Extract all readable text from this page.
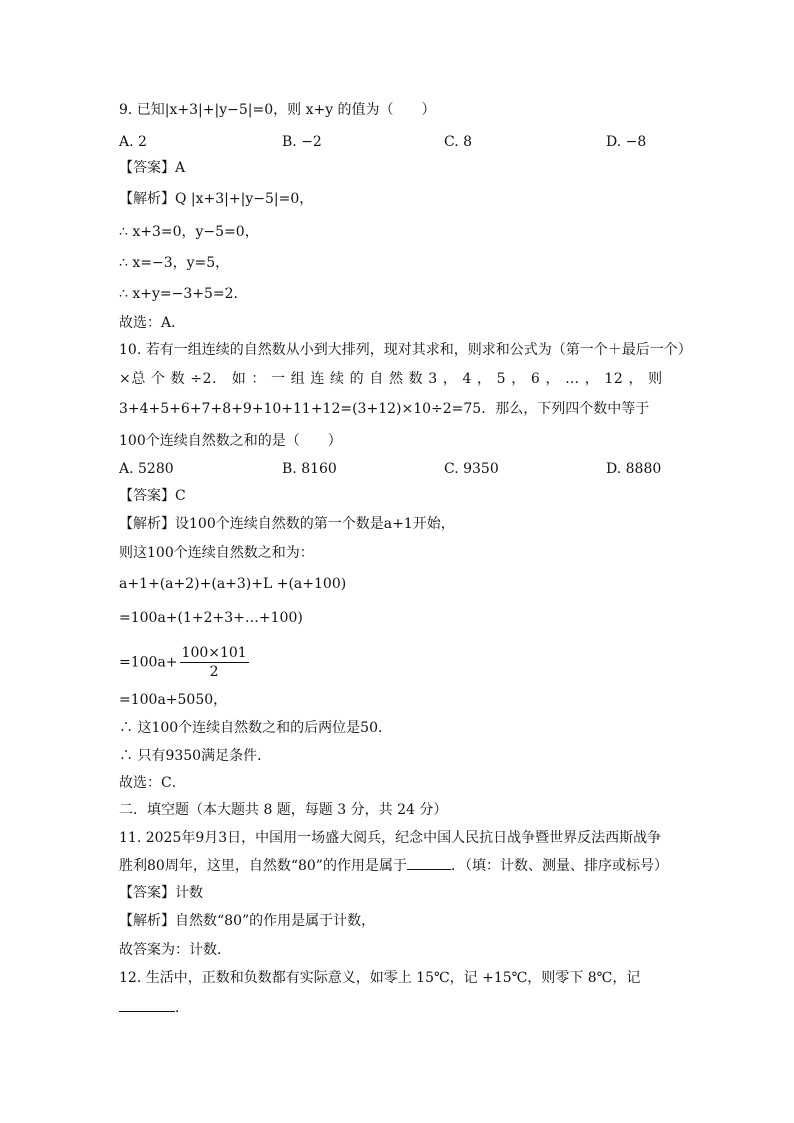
9. 已知|x+3|+|y−5|=0，则 x+y 的值为（　　）
A. 2	B. −2	C. 8	D. −8
【答案】A
【解析】Q |x+3|+|y−5|=0，
∴ x+3=0，y−5=0，
∴ x=−3，y=5，
∴ x+y=−3+5=2．
故选：A．
10. 若有一组连续的自然数从小到大排列，现对其求和，则求和公式为（第一个＋最后一个）
×总 个 数 ÷2． 如 ： 一 组 连 续 的 自 然 数 3 ， 4 ， 5 ， 6 ， … ， 12 ， 则
3+4+5+6+7+8+9+10+11+12=(3+12)×10÷2=75．那么，下列四个数中等于
100个连续自然数之和的是（　　）
A. 5280	B. 8160	C. 9350	D. 8880
【答案】C
【解析】设100个连续自然数的第一个数是a+1开始，
则这100个连续自然数之和为：
a+1+(a+2)+(a+3)+L +(a+100)
=100a+(1+2+3+…+100)
$=100a+ \frac{100\times 101}{2}$
=100a+5050，
∴ 这100个连续自然数之和的后两位是50．
∴ 只有9350满足条件．
故选：C．
二．填空题（本大题共 8 题，每题 3 分，共 24 分）
11. 2025年9月3日，中国用一场盛大阅兵，纪念中国人民抗日战争暨世界反法西斯战争
胜利80周年，这里，自然数“80”的作用是属于	．（填：计数、测量、排序或标号）
【答案】计数
【解析】自然数“80”的作用是属于计数，
故答案为：计数．
12. 生活中，正数和负数都有实际意义，如零上 15℃，记 +15℃，则零下 8℃，记
．
